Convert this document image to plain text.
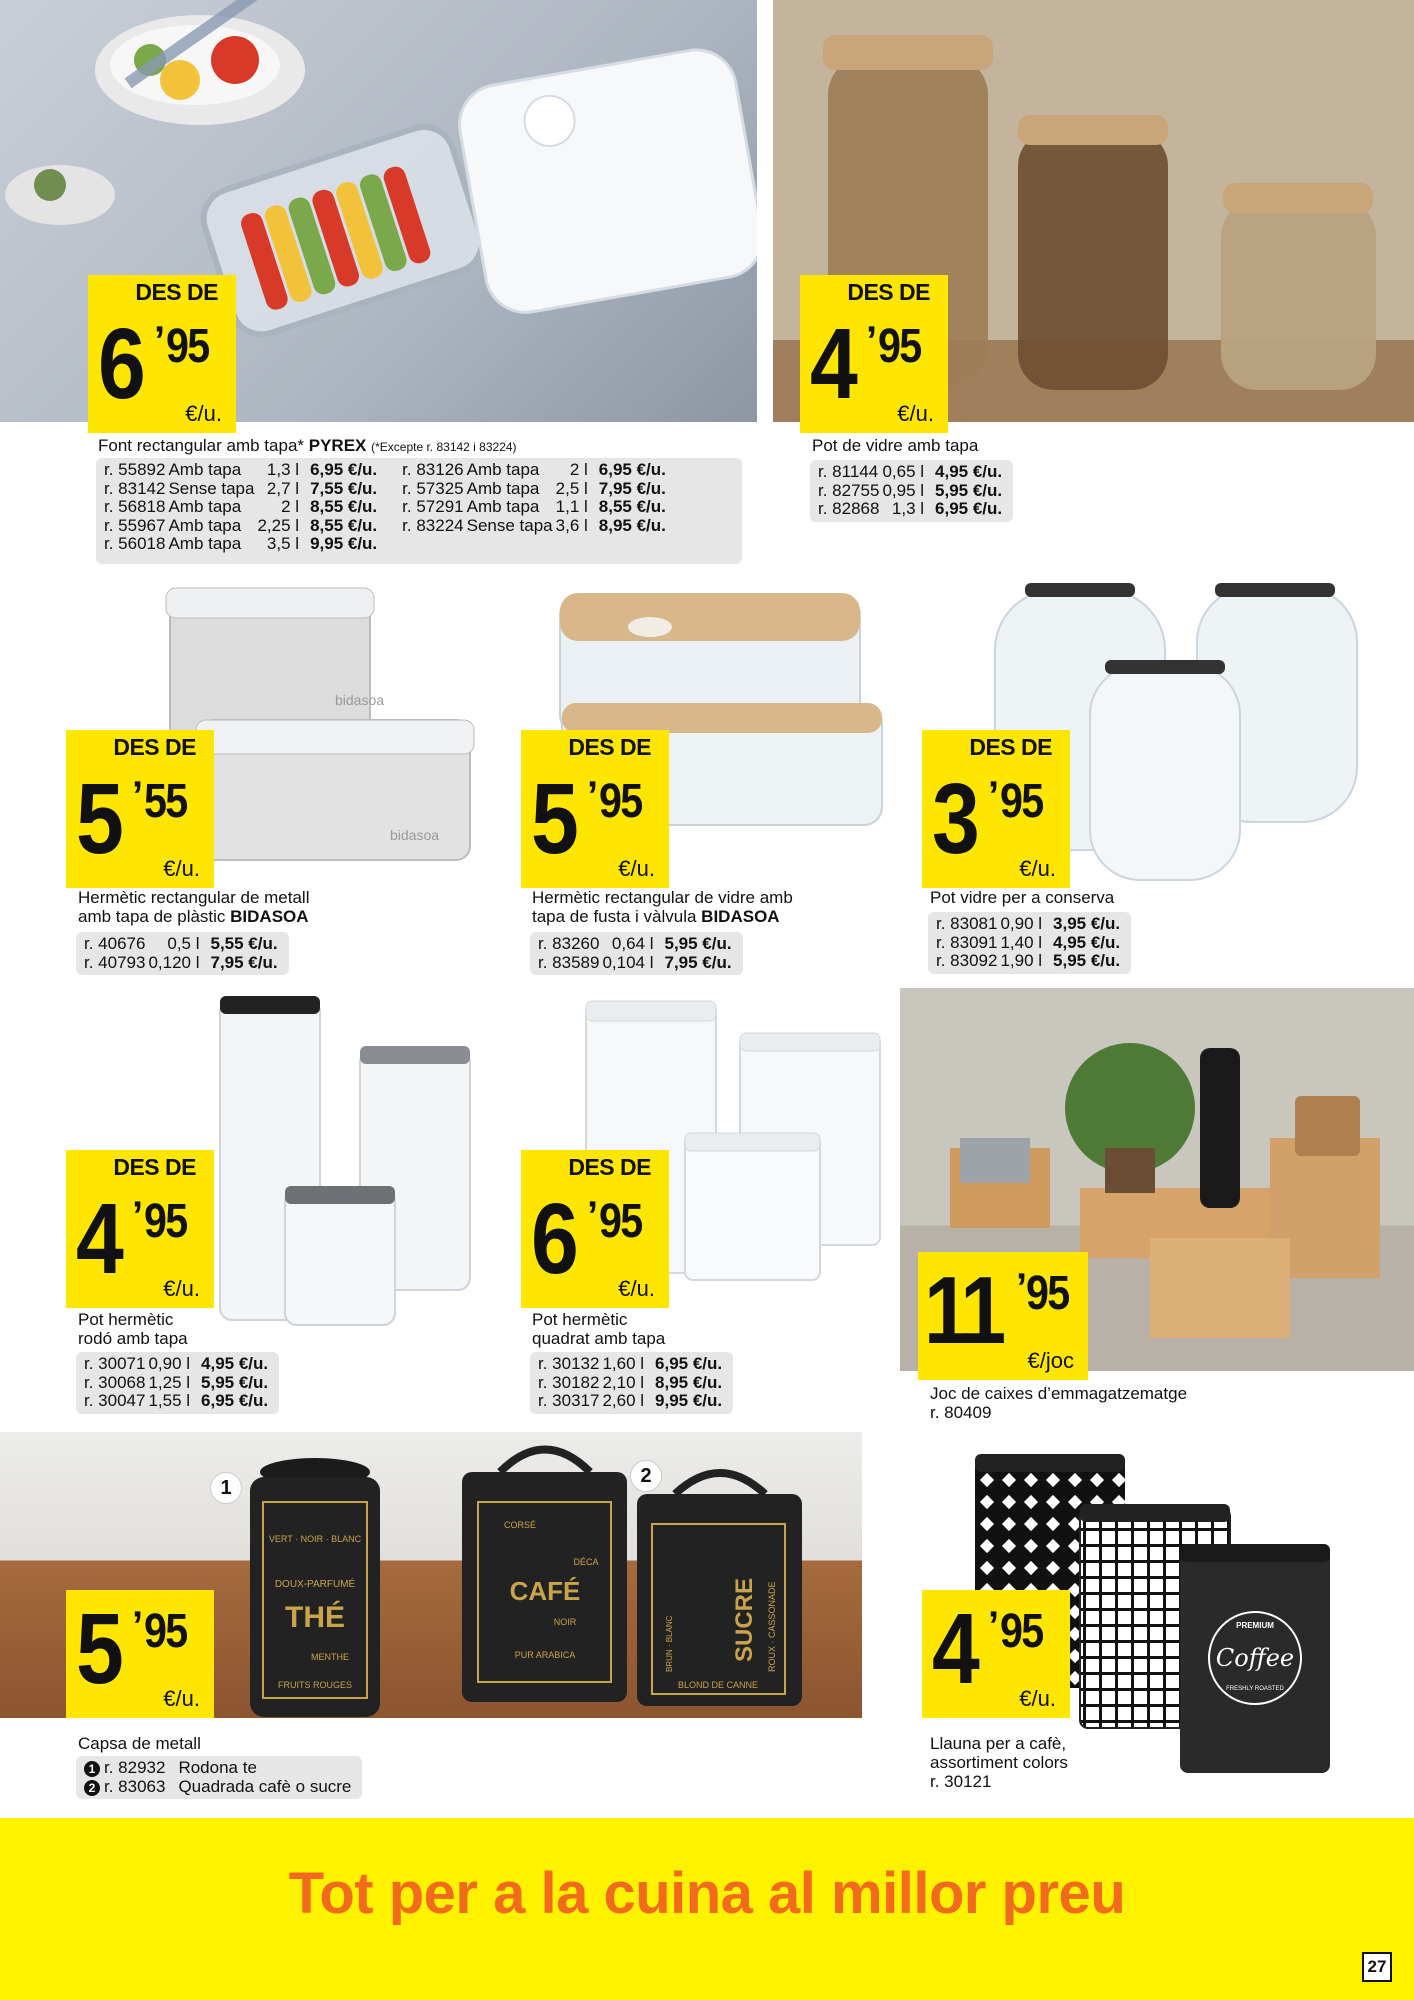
DES DE
6 ’ 95
€/u.
Font rectangular amb tapa* PYREX (*Excepte r. 83142 i 83224)
r. 55892	Amb tapa	1,3 l	6,95 €/u.
r. 83142	Sense tapa	2,7 l	7,55 €/u.
r. 56818	Amb tapa	2 l	8,55 €/u.
r. 55967	Amb tapa	2,25 l	8,55 €/u.
r. 56018	Amb tapa	3,5 l	9,95 €/u.
r. 83126	Amb tapa	2 l	6,95 €/u.
r. 57325	Amb tapa	2,5 l	7,95 €/u.
r. 57291	Amb tapa	1,1 l	8,55 €/u.
r. 83224	Sense tapa	3,6 l	8,95 €/u.
DES DE
4 ’ 95
€/u.
Pot de vidre amb tapa
r. 81144	0,65 l	4,95 €/u.
r. 82755	0,95 l	5,95 €/u.
r. 82868	1,3 l	6,95 €/u.
bidasoa
bidasoa
DES DE
5 ’ 55
€/u.
Hermètic rectangular de metall
amb tapa de plàstic BIDASOA
r. 40676	0,5 l	5,55 €/u.
r. 40793	0,120 l	7,95 €/u.
DES DE
5 ’ 95
€/u.
Hermètic rectangular de vidre amb
tapa de fusta i vàlvula BIDASOA
r. 83260	0,64 l	5,95 €/u.
r. 83589	0,104 l	7,95 €/u.
DES DE
3 ’ 95
€/u.
Pot vidre per a conserva
r. 83081	0,90 l	3,95 €/u.
r. 83091	1,40 l	4,95 €/u.
r. 83092	1,90 l	5,95 €/u.
DES DE
4 ’ 95
€/u.
Pot hermètic
rodó amb tapa
r. 30071	0,90 l	4,95 €/u.
r. 30068	1,25 l	5,95 €/u.
r. 30047	1,55 l	6,95 €/u.
DES DE
6 ’ 95
€/u.
Pot hermètic
quadrat amb tapa
r. 30132	1,60 l	6,95 €/u.
r. 30182	2,10 l	8,95 €/u.
r. 30317	2,60 l	9,95 €/u.
11 ’
95
€/joc
Joc de caixes d’emmagatzematge
r. 80409
THÉ
VERT · NOIR · BLANC
DOUX-PARFUMÉ
MENTHE
FRUITS ROUGES
CAFÉ
CORSÉ
DÉCA
NOIR
PUR ARABICA	SUCRE ROUX · CASSONADE
BRUN · BLANC
BLOND DE CANNE
1
2
5 ’ 95
€/u.
Capsa de metall
1 r. 82932	Rodona te
2 r. 83063	Quadrada cafè o sucre
PREMIUM
Coffee
FRESHLY ROASTED
4 ’ 95
€/u.
Llauna per a cafè,
assortiment colors
r. 30121
Tot per a la cuina al millor preu
27
